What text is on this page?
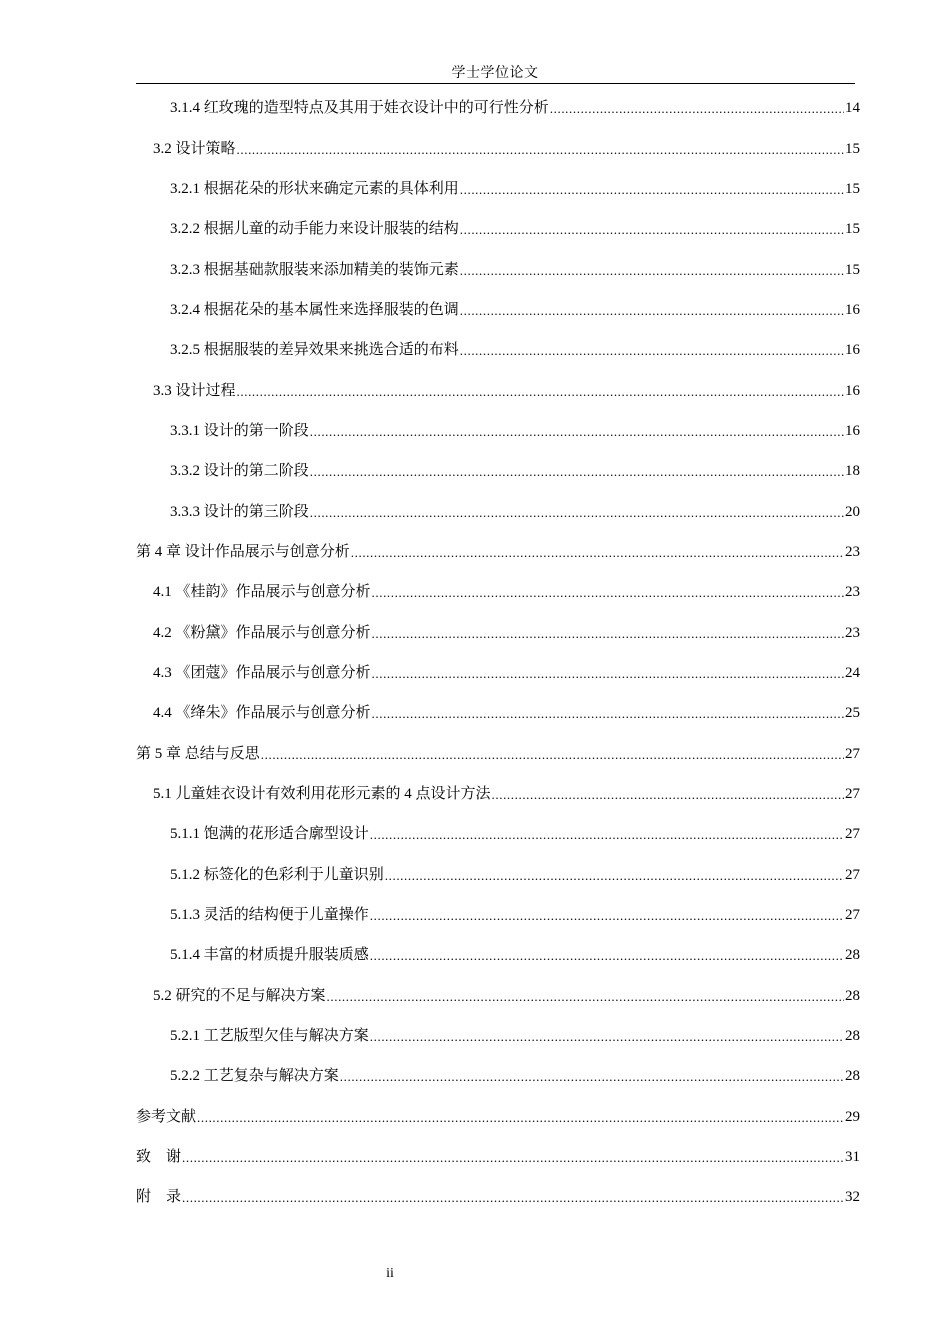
学士学位论文
3.1.4 红玫瑰的造型特点及其用于娃衣设计中的可行性分析 .....	14
3.2 设计策略 .....	15
3.2.1 根据花朵的形状来确定元素的具体利用 .....	15
3.2.2 根据儿童的动手能力来设计服装的结构 .....	15
3.2.3 根据基础款服装来添加精美的装饰元素 .....	15
3.2.4 根据花朵的基本属性来选择服装的色调 .....	16
3.2.5 根据服装的差异效果来挑选合适的布料 .....	16
3.3 设计过程 .....	16
3.3.1 设计的第一阶段 .....	16
3.3.2 设计的第二阶段 .....	18
3.3.3 设计的第三阶段 .....	20
第 4 章 设计作品展示与创意分析 .....	23
4.1 《桂韵》作品展示与创意分析 .....	23
4.2 《粉黛》作品展示与创意分析 .....	23
4.3 《团蔻》作品展示与创意分析 .....	24
4.4 《绛朱》作品展示与创意分析 .....	25
第 5 章 总结与反思 .....	27
5.1 儿童娃衣设计有效利用花形元素的 4 点设计方法 .....	27
5.1.1 饱满的花形适合廓型设计 .....	27
5.1.2 标签化的色彩利于儿童识别 .....	27
5.1.3 灵活的结构便于儿童操作 .....	27
5.1.4 丰富的材质提升服装质感 .....	28
5.2 研究的不足与解决方案 .....	28
5.2.1 工艺版型欠佳与解决方案 .....	28
5.2.2 工艺复杂与解决方案 .....	28
参考文献 .....	29
致    谢 .....	31
附    录 .....	32
ii
